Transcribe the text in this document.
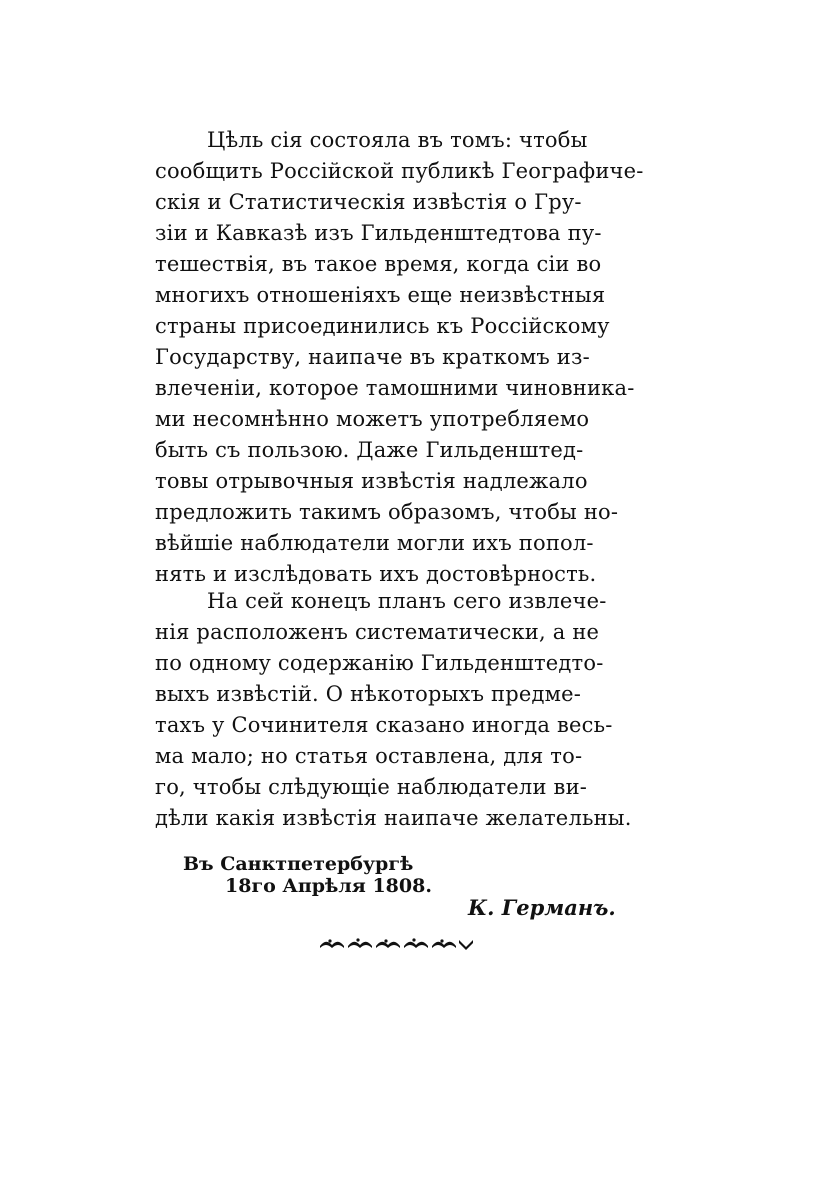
Цѣль сія состояла въ томъ: чтобы
сообщить Россійской публикѣ Географиче-
скія и Статистическія извѣстія о Гру-
зіи и Кавказѣ изъ Гильденштедтова пу-
тешествія, въ такое время, когда сіи во
многихъ отношеніяхъ еще неизвѣстныя
страны присоединились къ Россійскому
Государству, наипаче въ краткомъ из-
влеченіи, которое тамошними чиновника-
ми несомнѣнно можетъ употребляемо
быть съ пользою. Даже Гильденштед-
товы отрывочныя извѣстія надлежало
предложить такимъ образомъ, чтобы но-
вѣйшіе наблюдатели могли ихъ попол-
нять и изслѣдовать ихъ достовѣрность.
На сей конецъ планъ сего извлече-
нія расположенъ систематически, а не
по одному содержанію Гильденштедто-
выхъ извѣстій. О нѣкоторыхъ предме-
тахъ у Сочинителя сказано иногда весь-
ма мало; но статья оставлена, для то-
го, чтобы слѣдующіе наблюдатели ви-
дѣли какія извѣстія наипаче желательны.
Въ Санктпетербургѣ
18го Апрѣля 1808.
К. Германъ.
